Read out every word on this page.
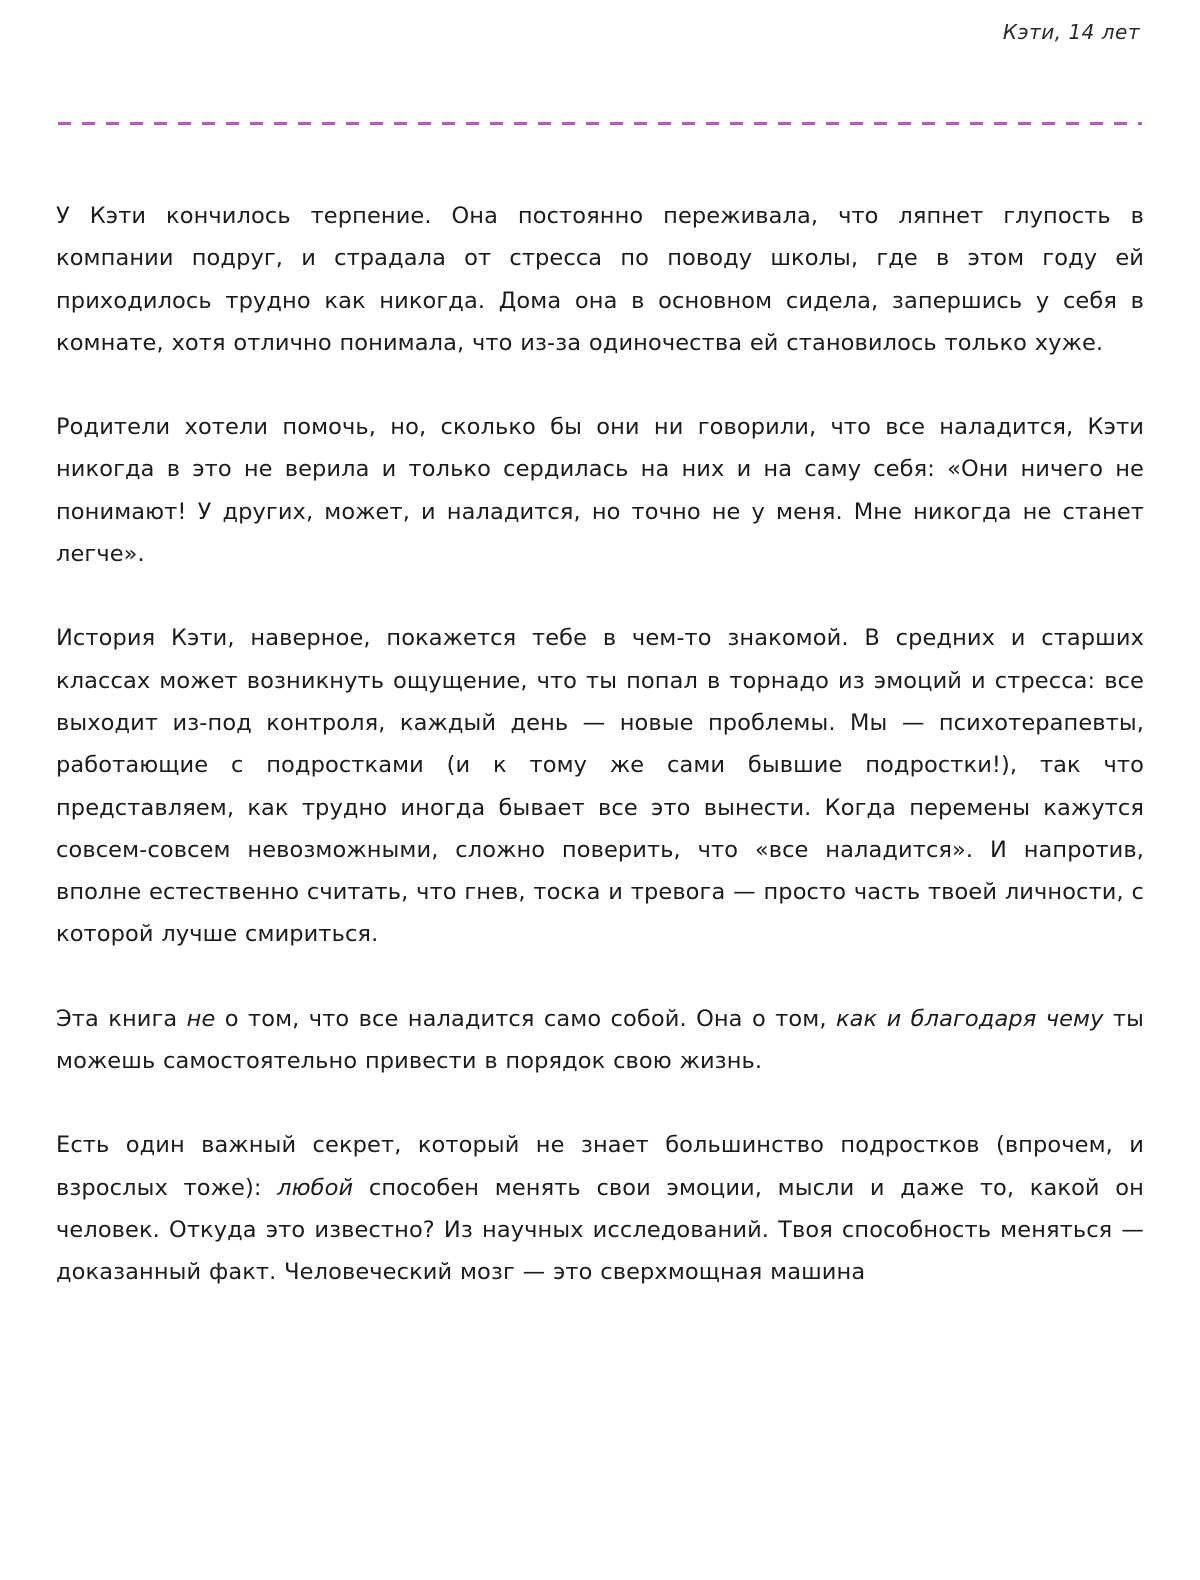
Кэти, 14 лет

У Кэти кончилось терпение. Она постоянно переживала, что ляпнет глупость в компании подруг, и страдала от стресса по поводу школы, где в этом году ей приходилось трудно как никогда. Дома она в основном сидела, запершись у себя в комнате, хотя отлично понимала, что из-за одиночества ей становилось только хуже.

Родители хотели помочь, но, сколько бы они ни говорили, что все наладится, Кэти никогда в это не верила и только сердилась на них и на саму себя: «Они ничего не понимают! У других, может, и наладится, но точно не у меня. Мне никогда не станет легче».

История Кэти, наверное, покажется тебе в чем-то знакомой. В средних и старших классах может возникнуть ощущение, что ты попал в торнадо из эмоций и стресса: все выходит из-под контроля, каждый день — новые проблемы. Мы — психотерапевты, работающие с подростками (и к тому же сами бывшие подростки!), так что представляем, как трудно иногда бывает все это вынести. Когда перемены кажутся совсем-совсем невозможными, сложно поверить, что «все наладится». И напротив, вполне естественно считать, что гнев, тоска и тревога — просто часть твоей личности, с которой лучше смириться.

Эта книга не о том, что все наладится само собой. Она о том, как и благодаря чему ты можешь самостоятельно привести в порядок свою жизнь.

Есть один важный секрет, который не знает большинство подростков (впрочем, и взрослых тоже): любой способен менять свои эмоции, мысли и даже то, какой он человек. Откуда это известно? Из научных исследований. Твоя способность меняться — доказанный факт. Человеческий мозг — это сверхмощная машина
